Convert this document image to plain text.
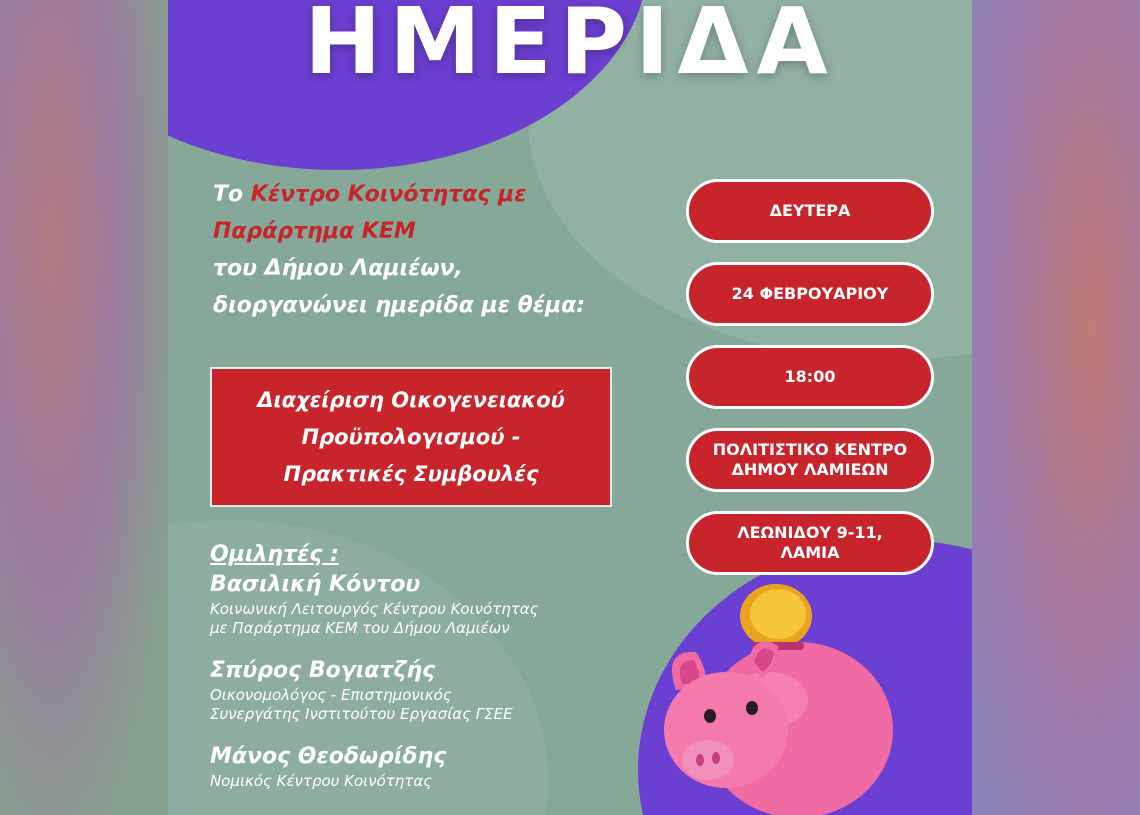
ΗΜΕΡΙΔΑ
Το Κέντρο Κοινότητας με
Παράρτημα ΚΕΜ
του Δήμου Λαμιέων,
διοργανώνει ημερίδα με θέμα:
Διαχείριση Οικογενειακού
Προϋπολογισμού -
Πρακτικές Συμβουλές
ΔΕΥΤΕΡΑ
24 ΦΕΒΡΟΥΑΡΙΟΥ
18:00
ΠΟΛΙΤΙΣΤΙΚΟ ΚΕΝΤΡΟ
ΔΗΜΟΥ ΛΑΜΙΕΩΝ
ΛΕΩΝΙΔΟΥ 9-11,
ΛΑΜΙΑ
Ομιλητές :
Βασιλική Κόντου
Κοινωνική Λειτουργός Κέντρου Κοινότητας
με Παράρτημα ΚΕΜ του Δήμου Λαμιέων
Σπύρος Βογιατζής
Οικονομολόγος - Επιστημονικός
Συνεργάτης Ινστιτούτου Εργασίας ΓΣΕΕ
Μάνος Θεοδωρίδης
Νομικός Κέντρου Κοινότητας
